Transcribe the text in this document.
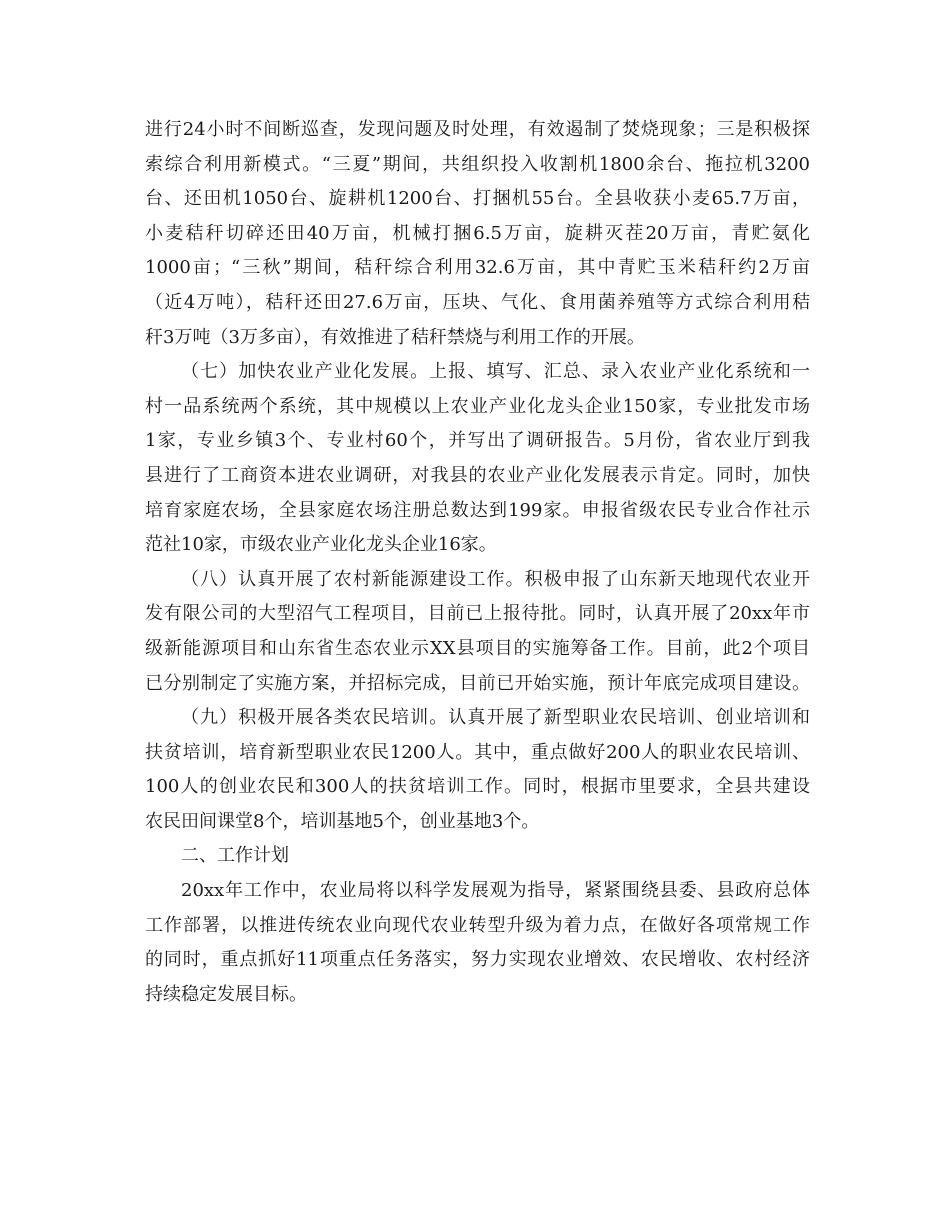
进行24小时不间断巡查，发现问题及时处理，有效遏制了焚烧现象；三是积极探
索综合利用新模式。“三夏”期间，共组织投入收割机1800余台、拖拉机3200
台、还田机1050台、旋耕机1200台、打捆机55台。全县收获小麦65.7万亩，
小麦秸秆切碎还田40万亩，机械打捆6.5万亩，旋耕灭茬20万亩，青贮氨化
1000亩；“三秋”期间，秸秆综合利用32.6万亩，其中青贮玉米秸秆约2万亩
（近4万吨），秸秆还田27.6万亩，压块、气化、食用菌养殖等方式综合利用秸
秆3万吨（3万多亩），有效推进了秸秆禁烧与利用工作的开展。
（七）加快农业产业化发展。上报、填写、汇总、录入农业产业化系统和一
村一品系统两个系统，其中规模以上农业产业化龙头企业150家，专业批发市场
1家，专业乡镇3个、专业村60个，并写出了调研报告。5月份，省农业厅到我
县进行了工商资本进农业调研，对我县的农业产业化发展表示肯定。同时，加快
培育家庭农场，全县家庭农场注册总数达到199家。申报省级农民专业合作社示
范社10家，市级农业产业化龙头企业16家。
（八）认真开展了农村新能源建设工作。积极申报了山东新天地现代农业开
发有限公司的大型沼气工程项目，目前已上报待批。同时，认真开展了20xx年市
级新能源项目和山东省生态农业示XX县项目的实施筹备工作。目前，此2个项目
已分别制定了实施方案，并招标完成，目前已开始实施，预计年底完成项目建设。
（九）积极开展各类农民培训。认真开展了新型职业农民培训、创业培训和
扶贫培训，培育新型职业农民1200人。其中，重点做好200人的职业农民培训、
100人的创业农民和300人的扶贫培训工作。同时，根据市里要求，全县共建设
农民田间课堂8个，培训基地5个，创业基地3个。
二、工作计划
20xx年工作中，农业局将以科学发展观为指导，紧紧围绕县委、县政府总体
工作部署，以推进传统农业向现代农业转型升级为着力点，在做好各项常规工作
的同时，重点抓好11项重点任务落实，努力实现农业增效、农民增收、农村经济
持续稳定发展目标。
